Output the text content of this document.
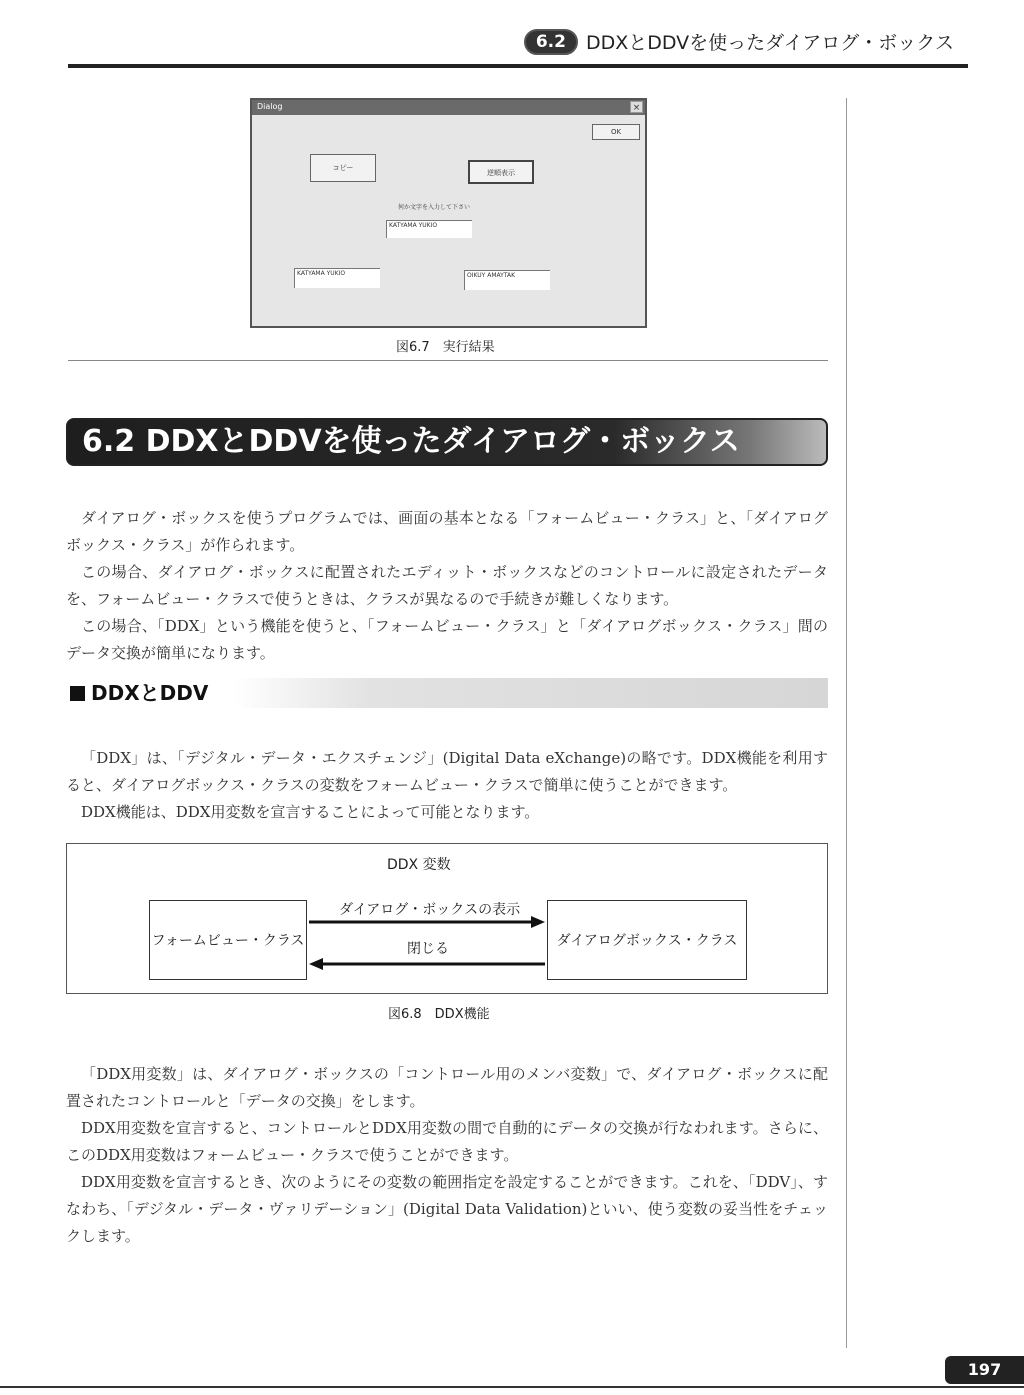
6.2	DDXとDDVを使ったダイアログ・ボックス
Dialog	×
OK
コピー
逆順表示
何か文字を入力して下さい
KATYAMA YUKIO
KATYAMA YUKIO	OIKUY AMAYTAK
図6.7　実行結果
6.2 DDXとDDVを使ったダイアログ・ボックス
ダイアログ・ボックスを使うプログラムでは、画面の基本となる「フォームビュー・クラス」と、「ダイアログボックス・クラス」が作られます。
この場合、ダイアログ・ボックスに配置されたエディット・ボックスなどのコントロールに設定されたデータを、フォームビュー・クラスで使うときは、クラスが異なるので手続きが難しくなります。
この場合、「DDX」という機能を使うと、「フォームビュー・クラス」と「ダイアログボックス・クラス」間のデータ交換が簡単になります。
DDXとDDV
「DDX」は、「デジタル・データ・エクスチェンジ」(Digital Data eXchange)の略です。DDX機能を利用すると、ダイアログボックス・クラスの変数をフォームビュー・クラスで簡単に使うことができます。
DDX機能は、DDX用変数を宣言することによって可能となります。
DDX 変数
フォームビュー・クラス	ダイアログボックス・クラス
ダイアログ・ボックスの表示
閉じる
図6.8　DDX機能
「DDX用変数」は、ダイアログ・ボックスの「コントロール用のメンバ変数」で、ダイアログ・ボックスに配置されたコントロールと「データの交換」をします。
DDX用変数を宣言すると、コントロールとDDX用変数の間で自動的にデータの交換が行なわれます。さらに、このDDX用変数はフォームビュー・クラスで使うことができます。
DDX用変数を宣言するとき、次のようにその変数の範囲指定を設定することができます。これを、「DDV」、すなわち、「デジタル・データ・ヴァリデーション」(Digital Data Validation)といい、使う変数の妥当性をチェックします。
197
